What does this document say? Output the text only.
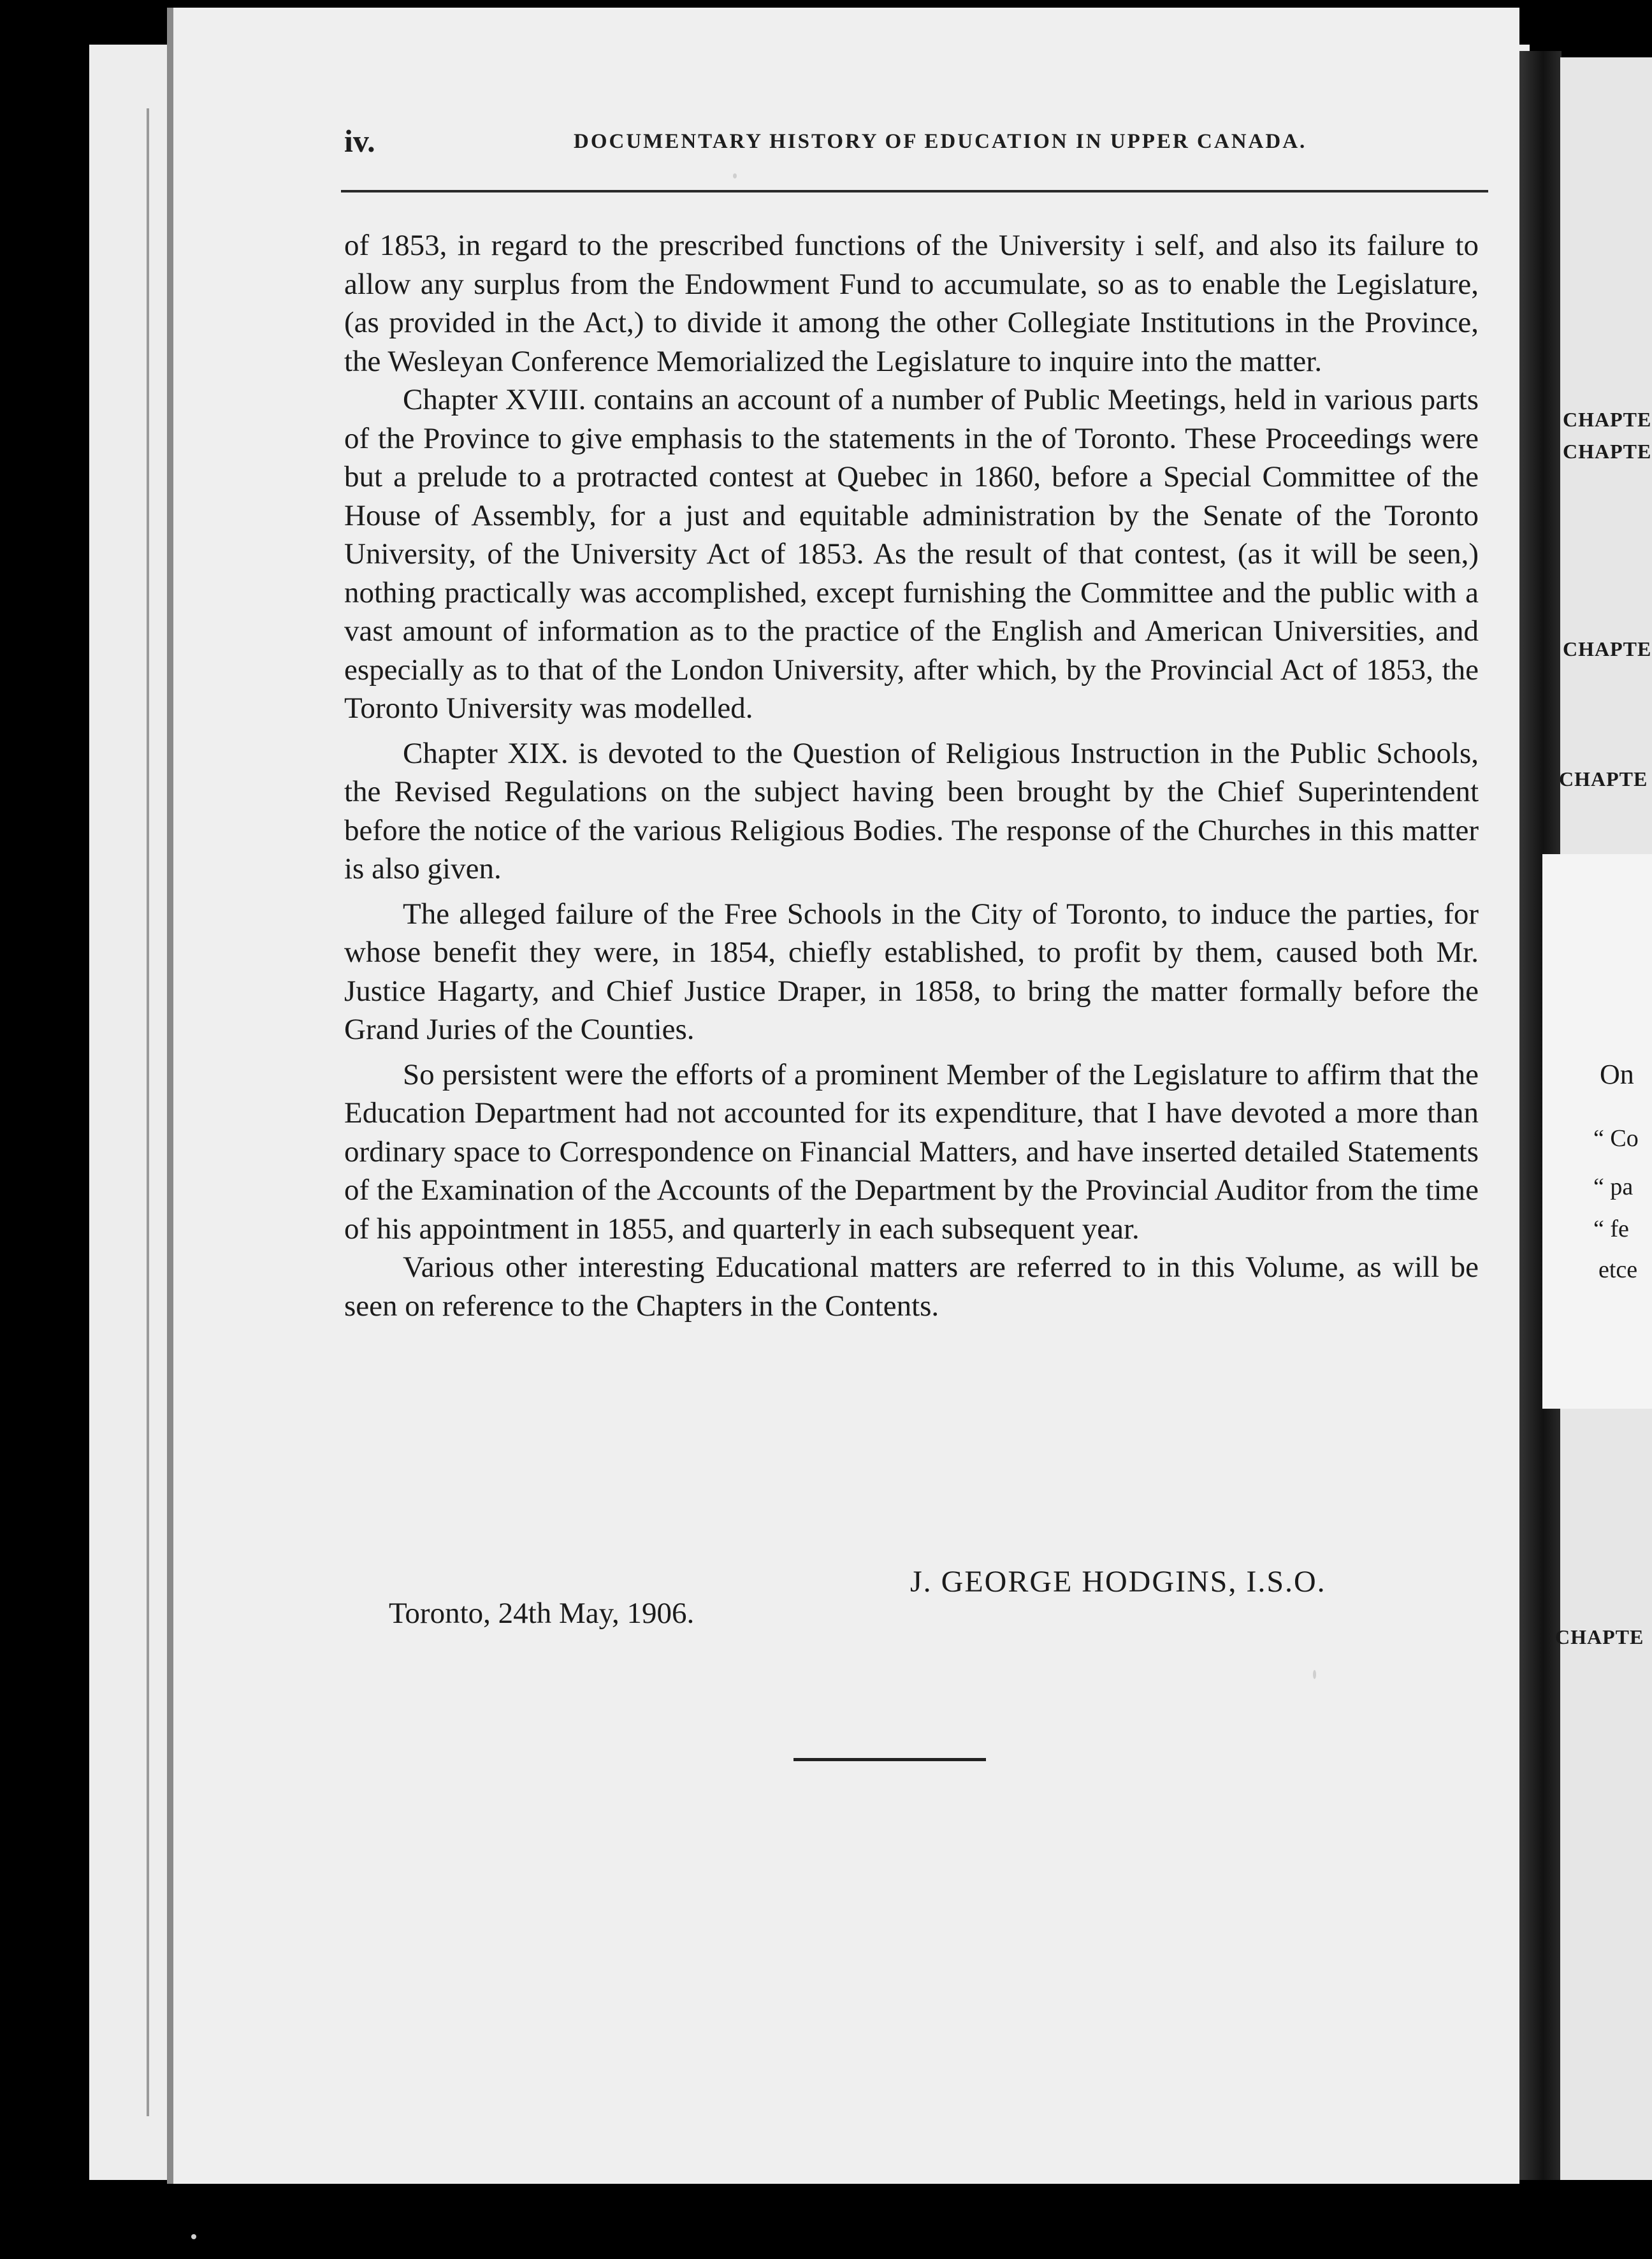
CHAPTE
CHAPTE
CHAPTE
CHAPTE
On
“ Co
“ pa
“ fe
etce
CHAPTE
iv.	DOCUMENTARY HISTORY OF EDUCATION IN UPPER CANADA.

of 1853, in regard to the prescribed functions of the University i self, and also its failure to allow any surplus from the Endowment Fund to accumulate, so as to enable the Legislature, (as provided in the Act,) to divide it among the other Collegiate Institutions in the Province, the Wesleyan Conference Memorialized the Legislature to inquire into the matter.

Chapter XVIII. contains an account of a number of Public Meetings, held in various parts of the Province to give emphasis to the statements in the of Toronto. These Proceedings were but a prelude to a protracted contest at Quebec in 1860, before a Special Committee of the House of Assembly, for a just and equitable administration by the Senate of the Toronto University, of the University Act of 1853. As the result of that contest, (as it will be seen,) nothing practically was accomplished, except furnishing the Committee and the public with a vast amount of information as to the practice of the English and American Universities, and especially as to that of the London University, after which, by the Provincial Act of 1853, the Toronto University was modelled.

Chapter XIX. is devoted to the Question of Religious Instruction in the Public Schools, the Revised Regulations on the subject having been brought by the Chief Superintendent before the notice of the various Religious Bodies. The response of the Churches in this matter is also given.

The alleged failure of the Free Schools in the City of Toronto, to induce the parties, for whose benefit they were, in 1854, chiefly established, to profit by them, caused both Mr. Justice Hagarty, and Chief Justice Draper, in 1858, to bring the matter formally before the Grand Juries of the Counties.

So persistent were the efforts of a prominent Member of the Legislature to affirm that the Education Department had not accounted for its expenditure, that I have devoted a more than ordinary space to Correspondence on Financial Matters, and have inserted detailed Statements of the Examination of the Accounts of the Department by the Provincial Auditor from the time of his appointment in 1855, and quarterly in each subsequent year.

Various other interesting Educational matters are referred to in this Volume, as will be seen on reference to the Chapters in the Contents.

J. GEORGE HODGINS, I.S.O.
Toronto, 24th May, 1906.
